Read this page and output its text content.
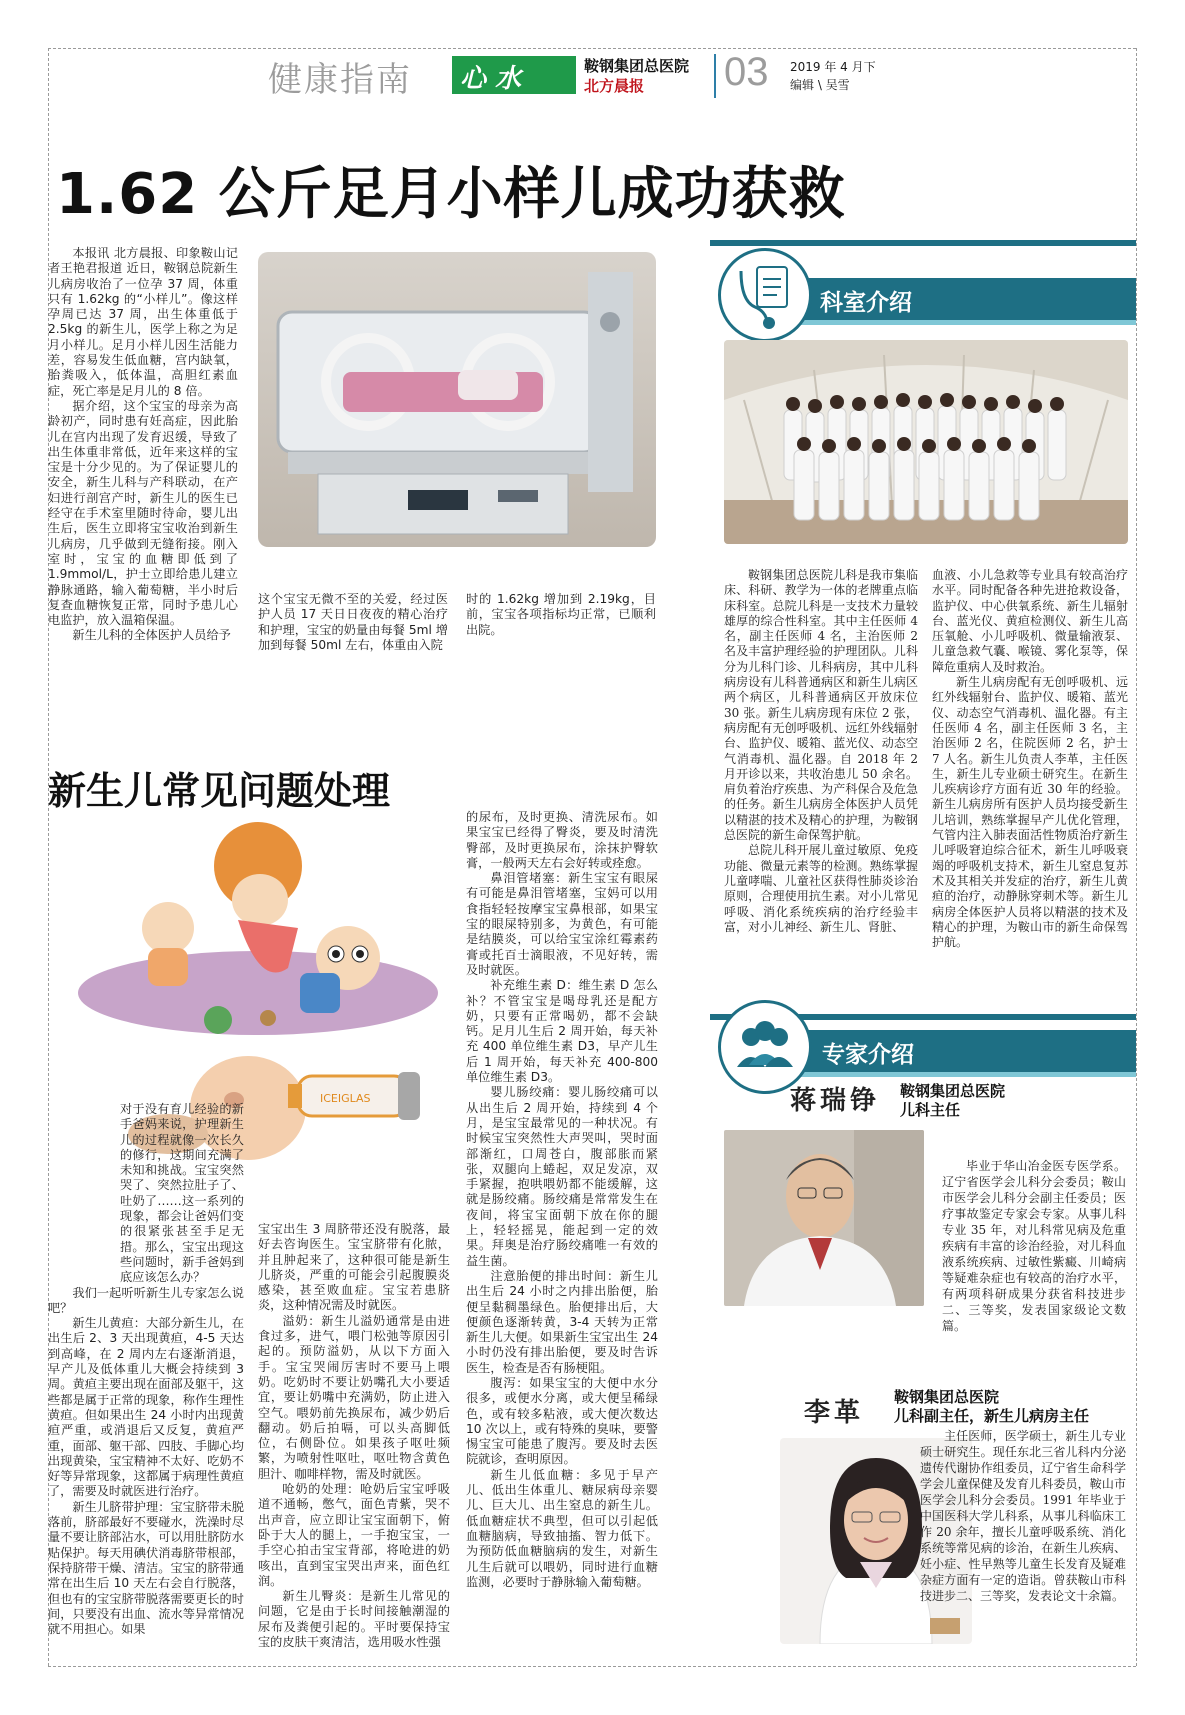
健康指南 心 水	鞍钢集团总医院
北方晨报 03 2019 年 4 月下
编辑 \ 吴雪
1.62 公斤足月小样儿成功获救

本报讯 北方晨报、印象鞍山记者王艳君报道 近日，鞍钢总院新生儿病房收治了一位孕 37 周，体重只有 1.62kg 的“小样儿”。像这样孕周已达 37 周，出生体重低于 2.5kg 的新生儿，医学上称之为足月小样儿。足月小样儿因生活能力差，容易发生低血糖，宫内缺氧，胎粪吸入，低体温，高胆红素血症，死亡率是足月儿的 8 倍。

据介绍，这个宝宝的母亲为高龄初产，同时患有妊高症，因此胎儿在宫内出现了发育迟缓，导致了出生体重非常低，近年来这样的宝宝是十分少见的。为了保证婴儿的安全，新生儿科与产科联动，在产妇进行剖宫产时，新生儿的医生已经守在手术室里随时待命，婴儿出生后，医生立即将宝宝收治到新生儿病房，几乎做到无缝衔接。刚入室时，宝宝的血糖即低到了 1.9mmol/L，护士立即给患儿建立静脉通路，输入葡萄糖，半小时后复查血糖恢复正常，同时予患儿心电监护，放入温箱保温。

新生儿科的全体医护人员给予

这个宝宝无微不至的关爱，经过医护人员 17 天日日夜夜的精心治疗和护理，宝宝的奶量由每餐 5ml 增加到每餐 50ml 左右，体重由入院
时的 1.62kg 增加到 2.19kg，目前，宝宝各项指标均正常，已顺利出院。
科室介绍

鞍钢集团总医院儿科是我市集临床、科研、教学为一体的老牌重点临床科室。总院儿科是一支技术力量较雄厚的综合性科室。其中主任医师 4 名，副主任医师 4 名，主治医师 2 名及丰富护理经验的护理团队。儿科分为儿科门诊、儿科病房，其中儿科病房设有儿科普通病区和新生儿病区两个病区，儿科普通病区开放床位 30 张。新生儿病房现有床位 2 张，病房配有无创呼吸机、远红外线辐射台、监护仪、暖箱、蓝光仪、动态空气消毒机、温化器。自 2018 年 2 月开诊以来，共收治患儿 50 余名。肩负着治疗疾患、为产科保合及危急的任务。新生儿病房全体医护人员凭以精湛的技术及精心的护理，为鞍钢总医院的新生命保驾护航。

总院儿科开展儿童过敏原、免疫功能、微量元素等的检测。熟练掌握儿童哮喘、儿童社区获得性肺炎诊治原则，合理使用抗生素。对小儿常见呼吸、消化系统疾病的治疗经验丰富，对小儿神经、新生儿、肾脏、

血液、小儿急救等专业具有较高治疗水平。同时配备各种先进抢救设备，监护仪、中心供氧系统、新生儿辐射台、蓝光仪、黄疸检测仪、新生儿高压氧舱、小儿呼吸机、微量输液泵、儿童急救气囊、喉镜、雾化泵等，保障危重病人及时救治。

新生儿病房配有无创呼吸机、远红外线辐射台、监护仪、暖箱、蓝光仪、动态空气消毒机、温化器。有主任医师 4 名，副主任医师 3 名，主治医师 2 名，住院医师 2 名，护士 7 人名。新生儿负责人李革，主任医生，新生儿专业硕士研究生。在新生儿疾病诊疗方面有近 30 年的经验。新生儿病房所有医护人员均接受新生儿培训，熟练掌握早产儿优化管理，气管内注入肺表面活性物质治疗新生儿呼吸窘迫综合征术，新生儿呼吸衰竭的呼吸机支持术，新生儿窒息复苏术及其相关并发症的治疗，新生儿黄疸的治疗，动静脉穿刺术等。新生儿病房全体医护人员将以精湛的技术及精心的护理，为鞍山市的新生命保驾护航。

新生儿常见问题处理
ICEIGLAS

对于没有育儿经验的新手爸妈来说，护理新生儿的过程就像一次长久的修行，这期间充满了未知和挑战。宝宝突然哭了、突然拉肚子了、吐奶了……这一系列的现象，都会让爸妈们变的很紧张甚至手足无措。那么，宝宝出现这些问题时，新手爸妈到底应该怎么办？

我们一起听听新生儿专家怎么说吧？

新生儿黄疸：大部分新生儿，在出生后 2、3 天出现黄疸，4-5 天达到高峰，在 2 周内左右逐渐消退，早产儿及低体重儿大概会持续到 3 周。黄疸主要出现在面部及躯干，这些都是属于正常的现象，称作生理性黄疸。但如果出生 24 小时内出现黄疸严重，或消退后又反复，黄疸严重，面部、躯干部、四肢、手脚心均出现黄染，宝宝精神不太好、吃奶不好等异常现象，这都属于病理性黄疸了，需要及时就医进行治疗。

新生儿脐带护理：宝宝脐带未脱落前，脐部最好不要碰水，洗澡时尽量不要让脐部沾水，可以用肚脐防水贴保护。每天用碘伏消毒脐带根部，保持脐带干燥、清洁。宝宝的脐带通常在出生后 10 天左右会自行脱落，但也有的宝宝脐带脱落需要更长的时间，只要没有出血、流水等异常情况就不用担心。如果

宝宝出生 3 周脐带还没有脱落，最好去咨询医生。宝宝脐带有化脓，并且肿起来了，这种很可能是新生儿脐炎，严重的可能会引起腹膜炎感染，甚至败血症。宝宝若患脐炎，这种情况需及时就医。

溢奶：新生儿溢奶通常是由进食过多，进气，喂门松弛等原因引起的。预防溢奶，从以下方面入手。宝宝哭闹厉害时不要马上喂奶。吃奶时不要让奶嘴孔大小要适宜，要让奶嘴中充满奶，防止进入空气。喂奶前先换尿布，减少奶后翻动。奶后拍嗝，可以头高脚低位，右侧卧位。如果孩子呕吐频繁，为喷射性呕吐，呕吐物含黄色胆汁、咖啡样物，需及时就医。

呛奶的处理：呛奶后宝宝呼吸道不通畅，憋气，面色青紫，哭不出声音，应立即让宝宝面朝下，俯卧于大人的腿上，一手抱宝宝，一手空心拍击宝宝背部，将呛进的奶咳出，直到宝宝哭出声来，面色红润。

新生儿臀炎：是新生儿常见的问题，它是由于长时间接触潮湿的尿布及粪便引起的。平时要保持宝宝的皮肤干爽清洁，选用吸水性强

的尿布，及时更换、清洗尿布。如果宝宝已经得了臀炎，要及时清洗臀部，及时更换尿布，涂抹护臀软膏，一般两天左右会好转或痊愈。

鼻泪管堵塞：新生宝宝有眼屎有可能是鼻泪管堵塞，宝妈可以用食指轻轻按摩宝宝鼻根部，如果宝宝的眼屎特别多，为黄色，有可能是结膜炎，可以给宝宝涂红霉素药膏或托百士滴眼液，不见好转，需及时就医。

补充维生素 D：维生素 D 怎么补？不管宝宝是喝母乳还是配方奶，只要有正常喝奶，都不会缺钙。足月儿生后 2 周开始，每天补充 400 单位维生素 D3，早产儿生后 1 周开始，每天补充 400-800 单位维生素 D3。

婴儿肠绞痛：婴儿肠绞痛可以从出生后 2 周开始，持续到 4 个月，是宝宝最常见的一种状况。有时候宝宝突然性大声哭叫，哭时面部渐红，口周苍白，腹部胀而紧张，双腿向上蜷起，双足发凉，双手紧握，抱哄喂奶都不能缓解，这就是肠绞痛。肠绞痛是常常发生在夜间，将宝宝面朝下放在你的腿上，轻轻摇晃，能起到一定的效果。拜奥是治疗肠绞痛唯一有效的益生菌。

注意胎便的排出时间：新生儿出生后 24 小时之内排出胎便，胎便呈黏稠墨绿色。胎便排出后，大便颜色逐渐转黄，3-4 天转为正常新生儿大便。如果新生宝宝出生 24 小时仍没有排出胎便，要及时告诉医生，检查是否有肠梗阻。

腹泻：如果宝宝的大便中水分很多，或便水分离，或大便呈稀绿色，或有较多粘液，或大便次数达 10 次以上，或有特殊的臭味，要警惕宝宝可能患了腹泻。要及时去医院就诊，查明原因。

新生儿低血糖：多见于早产儿、低出生体重儿、糖尿病母亲婴儿、巨大儿、出生窒息的新生儿。低血糖症状不典型，但可以引起低血糖脑病，导致抽搐、智力低下。为预防低血糖脑病的发生，对新生儿生后就可以喂奶，同时进行血糖监测，必要时于静脉输入葡萄糖。

专家介绍
蒋瑞铮 鞍钢集团总医院
儿科主任

毕业于华山冶金医专医学系。辽宁省医学会儿科分会委员；鞍山市医学会儿科分会副主任委员；医疗事故鉴定专家会专家。从事儿科专业 35 年，对儿科常见病及危重疾病有丰富的诊治经验，对儿科血液系统疾病、过敏性紫癜、川崎病等疑难杂症也有较高的治疗水平，有两项科研成果分获省科技进步二、三等奖，发表国家级论文数篇。

李革
鞍钢集团总医院
儿科副主任，新生儿病房主任

主任医师，医学硕士，新生儿专业硕士研究生。现任东北三省儿科内分泌遗传代谢协作组委员，辽宁省生命科学学会儿童保健及发育儿科委员，鞍山市医学会儿科分会委员。1991 年毕业于中国医科大学儿科系，从事儿科临床工作 20 余年，擅长儿童呼吸系统、消化系统等常见病的诊治，在新生儿疾病、妊小症、性早熟等儿童生长发育及疑难杂症方面有一定的造诣。曾获鞍山市科技进步二、三等奖，发表论文十余篇。
